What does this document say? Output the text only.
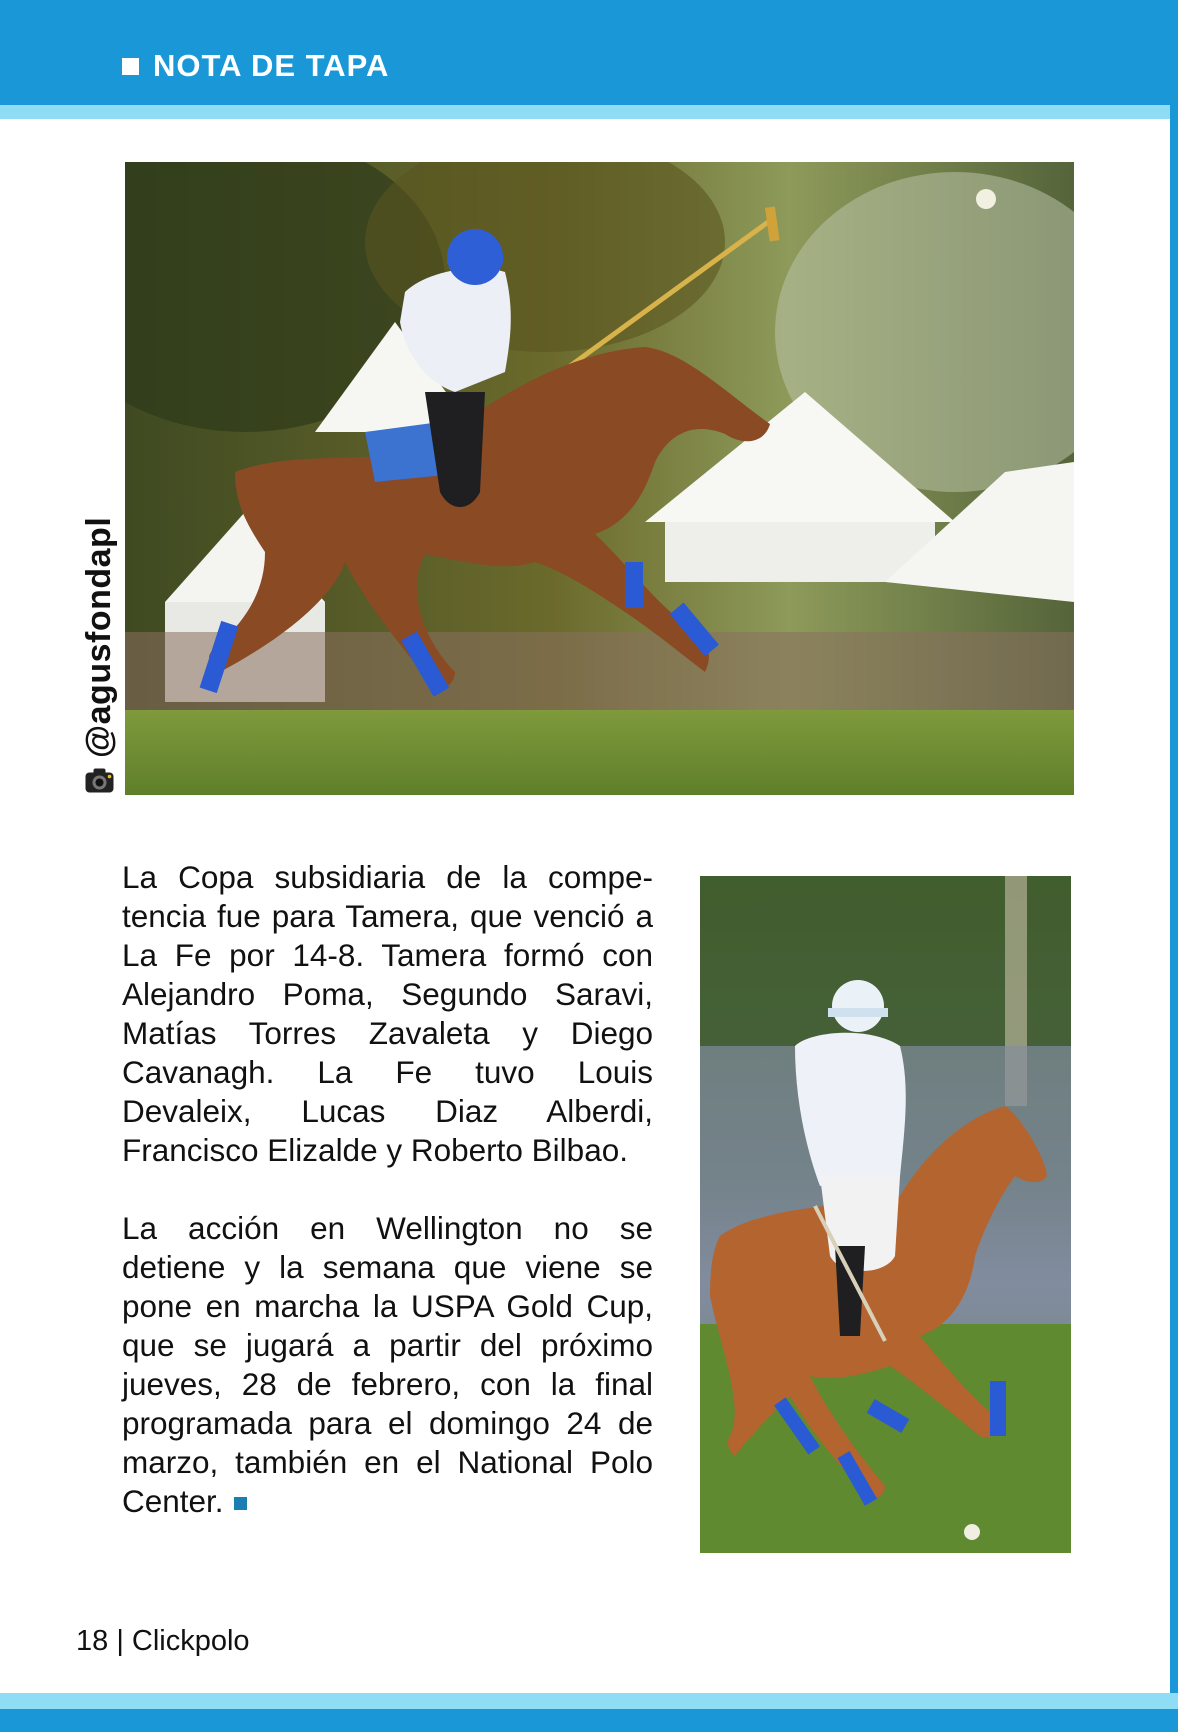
NOTA DE TAPA
@agusfondapl

La Copa subsidiaria de la competencia fue para Tamera, que venció a La Fe por 14-8. Tamera formó con Alejandro Poma, Segundo Saravi, Matías Torres Zavaleta y Diego Cavanagh. La Fe tuvo Louis Devaleix, Lucas Diaz Alberdi, Francisco Elizalde y Roberto Bilbao.

La acción en Wellington no se detiene y la semana que viene se pone en marcha la USPA Gold Cup, que se jugará a partir del próximo jueves, 28 de febrero, con la final programada para el domingo 24 de marzo, también en el National Polo Center.

18 | Clickpolo
